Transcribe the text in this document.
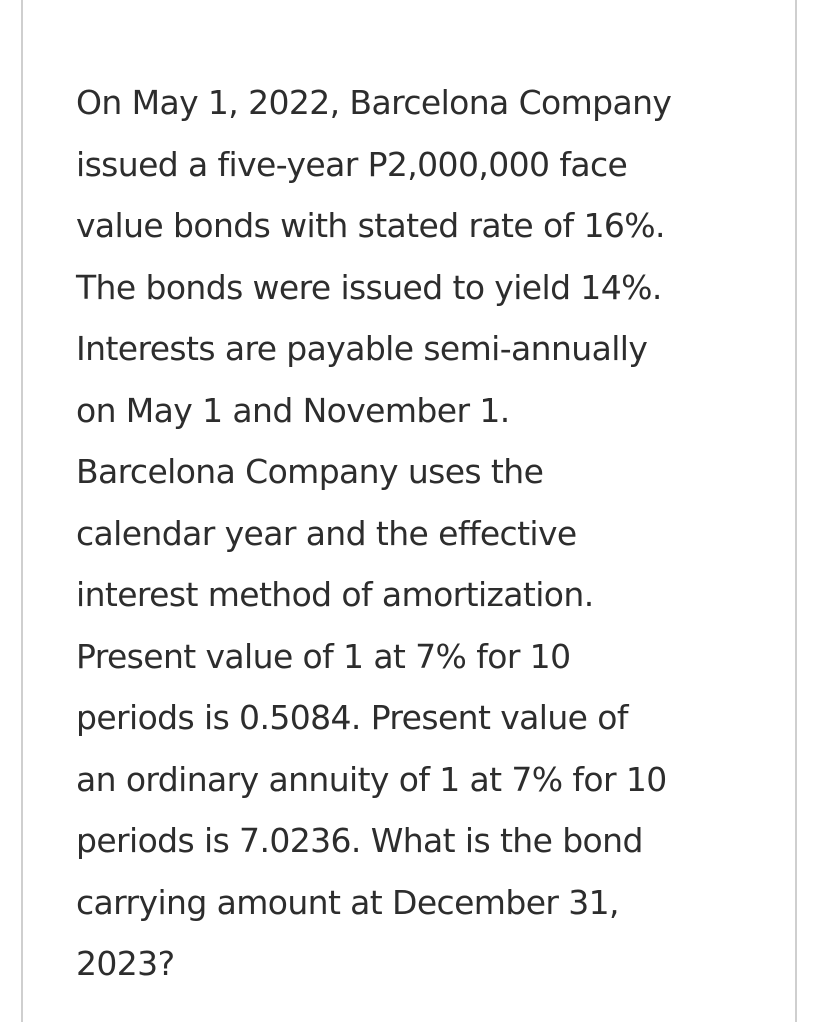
On May 1, 2022, Barcelona Company
issued a five-year P2,000,000 face
value bonds with stated rate of 16%.
The bonds were issued to yield 14%.
Interests are payable semi-annually
on May 1 and November 1.
Barcelona Company uses the
calendar year and the effective
interest method of amortization.
Present value of 1 at 7% for 10
periods is 0.5084. Present value of
an ordinary annuity of 1 at 7% for 10
periods is 7.0236. What is the bond
carrying amount at December 31,
2023?
